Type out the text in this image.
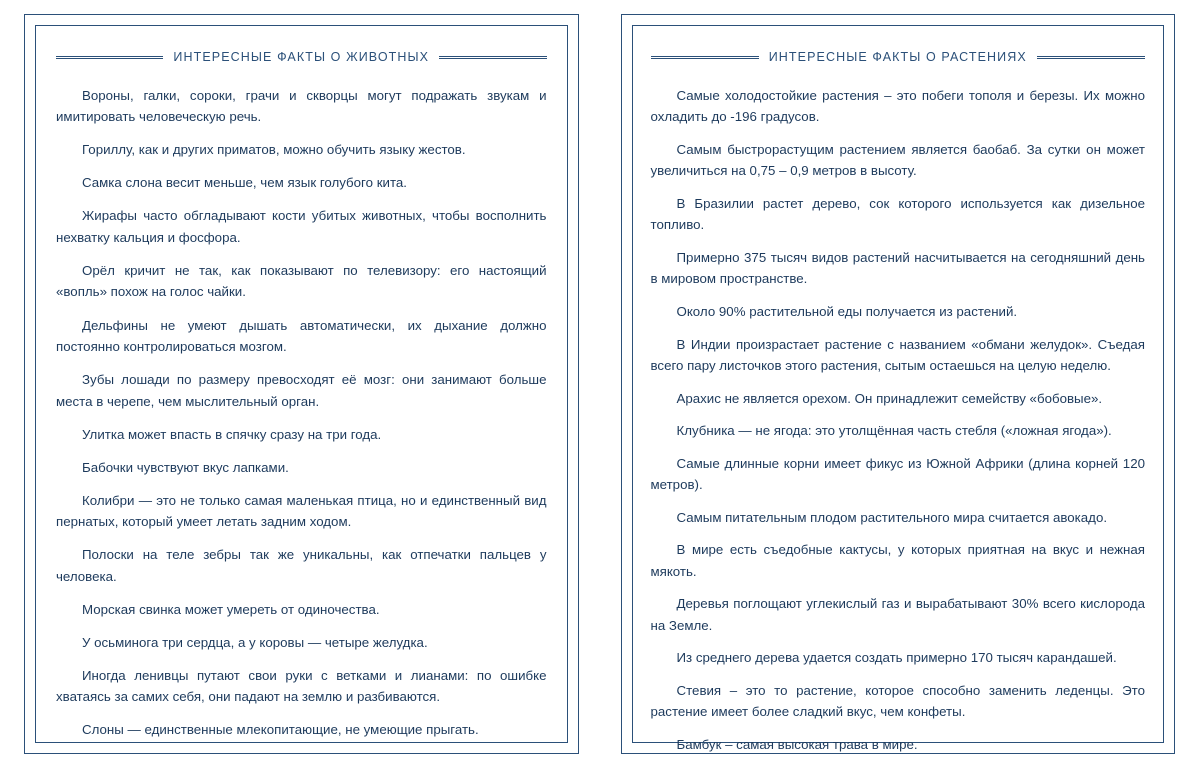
ИНТЕРЕСНЫЕ ФАКТЫ О ЖИВОТНЫХ
Вороны, галки, сороки, грачи и скворцы могут подражать звукам и имитировать человеческую речь.
Гориллу, как и других приматов, можно обучить языку жестов.
Самка слона весит меньше, чем язык голубого кита.
Жирафы часто обгладывают кости убитых животных, чтобы восполнить нехватку кальция и фосфора.
Орёл кричит не так, как показывают по телевизору: его настоящий «вопль» похож на голос чайки.
Дельфины не умеют дышать автоматически, их дыхание должно постоянно контролироваться мозгом.
Зубы лошади по размеру превосходят её мозг: они занимают больше места в черепе, чем мыслительный орган.
Улитка может впасть в спячку сразу на три года.
Бабочки чувствуют вкус лапками.
Колибри — это не только самая маленькая птица, но и единственный вид пернатых, который умеет летать задним ходом.
Полоски на теле зебры так же уникальны, как отпечатки пальцев у человека.
Морская свинка может умереть от одиночества.
У осьминога три сердца, а у коровы — четыре желудка.
Иногда ленивцы путают свои руки с ветками и лианами: по ошибке хватаясь за самих себя, они падают на землю и разбиваются.
Слоны — единственные млекопитающие, не умеющие прыгать.
ИНТЕРЕСНЫЕ ФАКТЫ О РАСТЕНИЯХ
Самые холодостойкие растения – это побеги тополя и березы. Их можно охладить до -196 градусов.
Самым быстрорастущим растением является баобаб. За сутки он может увеличиться на 0,75 – 0,9 метров в высоту.
В Бразилии растет дерево, сок которого используется как дизельное топливо.
Примерно 375 тысяч видов растений насчитывается на сегодняшний день в мировом пространстве.
Около 90% растительной еды получается из растений.
В Индии произрастает растение с названием «обмани желудок». Съедая всего пару листочков этого растения, сытым остаешься на целую неделю.
Арахис не является орехом. Он принадлежит семейству «бобовые».
Клубника — не ягода: это утолщённая часть стебля («ложная ягода»).
Самые длинные корни имеет фикус из Южной Африки (длина корней 120 метров).
Самым питательным плодом растительного мира считается авокадо.
В мире есть съедобные кактусы, у которых приятная на вкус и нежная мякоть.
Деревья поглощают углекислый газ и вырабатывают 30% всего кислорода на Земле.
Из среднего дерева удается создать примерно 170 тысяч карандашей.
Стевия – это то растение, которое способно заменить леденцы. Это растение имеет более сладкий вкус, чем конфеты.
Бамбук – самая высокая трава в мире.
